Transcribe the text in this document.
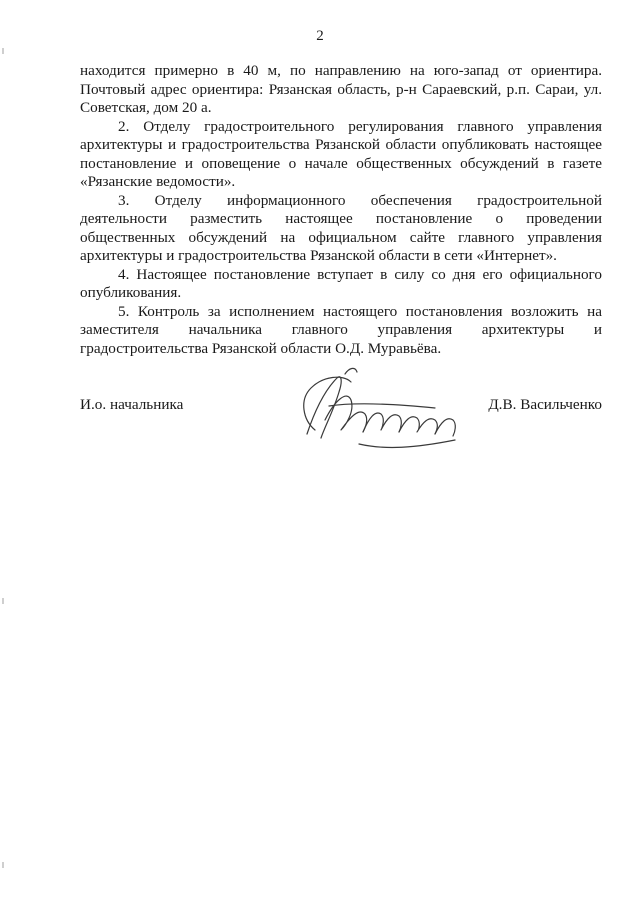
2

находится примерно в 40 м, по направлению на юго-запад от ориентира. Почтовый адрес ориентира: Рязанская область, р-н Сараевский, р.п. Сараи, ул. Советская, дом 20 а.

2. Отделу градостроительного регулирования главного управления архитектуры и градостроительства Рязанской области опубликовать настоящее постановление и оповещение о начале общественных обсуждений в газете «Рязанские ведомости».

3. Отделу информационного обеспечения градостроительной деятельности разместить настоящее постановление о проведении общественных обсуждений на официальном сайте главного управления архитектуры и градостроительства Рязанской области в сети «Интернет».

4. Настоящее постановление вступает в силу со дня его официального опубликования.

5. Контроль за исполнением настоящего постановления возложить на заместителя начальника главного управления архитектуры и градостроительства Рязанской области О.Д. Муравьёва.

И.о. начальника	Д.В. Васильченко
